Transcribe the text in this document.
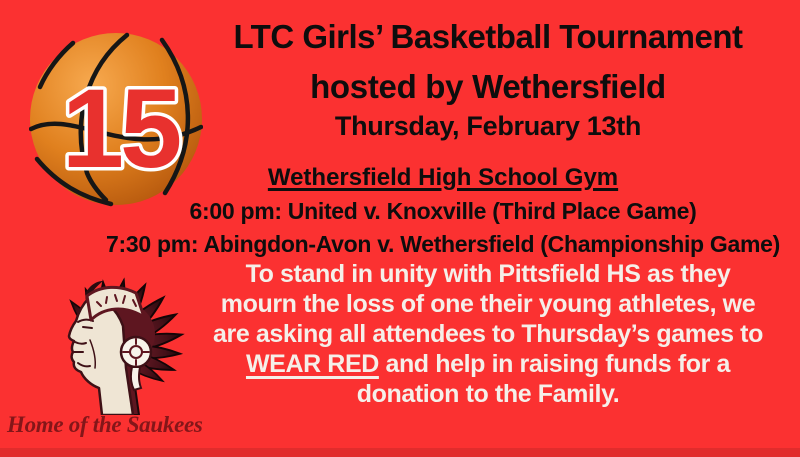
15
LTC Girls’ Basketball Tournament
hosted by Wethersfield
Thursday, February 13th
Wethersfield High School Gym
6:00 pm: United v. Knoxville (Third Place Game)
7:30 pm: Abingdon-Avon v. Wethersfield (Championship Game)
To stand in unity with Pittsfield HS as they
mourn the loss of one their young athletes, we
are asking all attendees to Thursday’s games to
WEAR RED and help in raising funds for a
donation to the Family.
Home of the Saukees
